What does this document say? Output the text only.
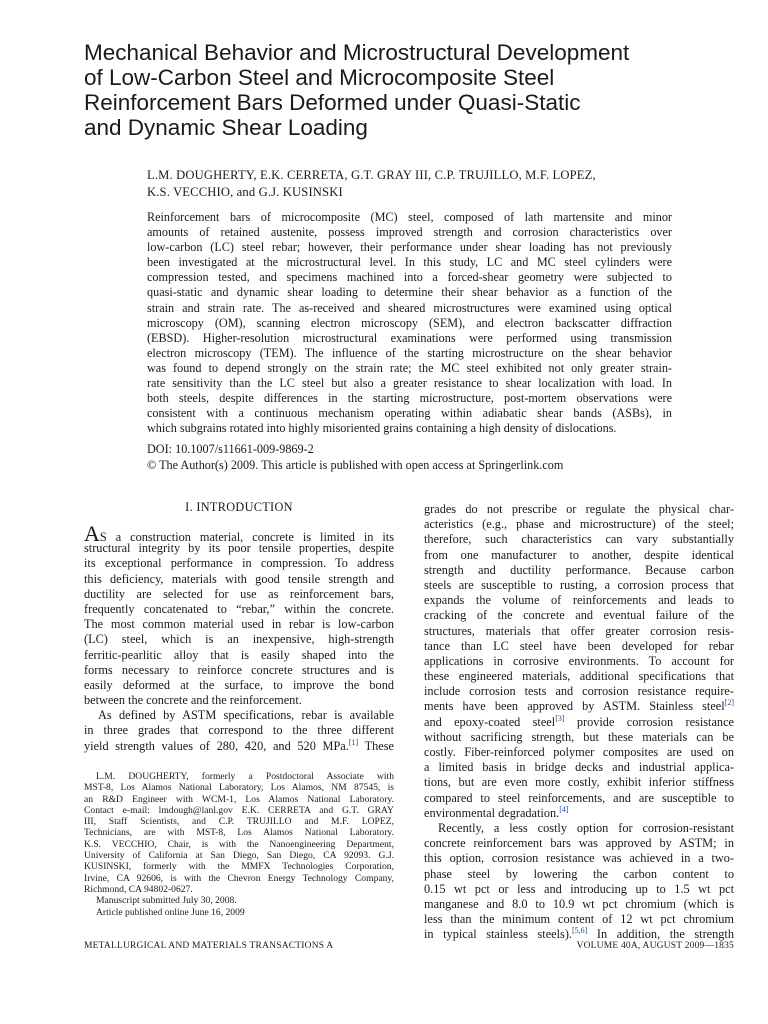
Mechanical Behavior and Microstructural Development
of Low-Carbon Steel and Microcomposite Steel
Reinforcement Bars Deformed under Quasi-Static
and Dynamic Shear Loading
L.M. DOUGHERTY, E.K. CERRETA, G.T. GRAY III, C.P. TRUJILLO, M.F. LOPEZ,
K.S. VECCHIO, and G.J. KUSINSKI
Reinforcement bars of microcomposite (MC) steel, composed of lath martensite and minor
amounts of retained austenite, possess improved strength and corrosion characteristics over
low-carbon (LC) steel rebar; however, their performance under shear loading has not previously
been investigated at the microstructural level. In this study, LC and MC steel cylinders were
compression tested, and specimens machined into a forced-shear geometry were subjected to
quasi-static and dynamic shear loading to determine their shear behavior as a function of the
strain and strain rate. The as-received and sheared microstructures were examined using optical
microscopy (OM), scanning electron microscopy (SEM), and electron backscatter diffraction
(EBSD). Higher-resolution microstructural examinations were performed using transmission
electron microscopy (TEM). The influence of the starting microstructure on the shear behavior
was found to depend strongly on the strain rate; the MC steel exhibited not only greater strain-
rate sensitivity than the LC steel but also a greater resistance to shear localization with load. In
both steels, despite differences in the starting microstructure, post-mortem observations were
consistent with a continuous mechanism operating within adiabatic shear bands (ASBs), in
which subgrains rotated into highly misoriented grains containing a high density of dislocations.
DOI: 10.1007/s11661-009-9869-2
© The Author(s) 2009. This article is published with open access at Springerlink.com
I. INTRODUCTION
AS a construction material, concrete is limited in its
structural integrity by its poor tensile properties, despite
its exceptional performance in compression. To address
this deficiency, materials with good tensile strength and
ductility are selected for use as reinforcement bars,
frequently concatenated to “rebar,” within the concrete.
The most common material used in rebar is low-carbon
(LC) steel, which is an inexpensive, high-strength
ferritic-pearlitic alloy that is easily shaped into the
forms necessary to reinforce concrete structures and is
easily deformed at the surface, to improve the bond
between the concrete and the reinforcement.
As defined by ASTM specifications, rebar is available
in three grades that correspond to the three different
yield strength values of 280, 420, and 520 MPa.[1] These
L.M. DOUGHERTY, formerly a Postdoctoral Associate with
MST-8, Los Alamos National Laboratory, Los Alamos, NM 87545, is
an R&D Engineer with WCM-1, Los Alamos National Laboratory.
Contact e-mail: lmdough@lanl.gov E.K. CERRETA and G.T. GRAY
III, Staff Scientists, and C.P. TRUJILLO and M.F. LOPEZ,
Technicians, are with MST-8, Los Alamos National Laboratory.
K.S. VECCHIO, Chair, is with the Nanoengineering Department,
University of California at San Diego, San Diego, CA 92093. G.J.
KUSINSKI, formerly with the MMFX Technologies Corporation,
Irvine, CA 92606, is with the Chevron Energy Technology Company,
Richmond, CA 94802-0627.
Manuscript submitted July 30, 2008.
Article published online June 16, 2009
grades do not prescribe or regulate the physical char-
acteristics (e.g., phase and microstructure) of the steel;
therefore, such characteristics can vary substantially
from one manufacturer to another, despite identical
strength and ductility performance. Because carbon
steels are susceptible to rusting, a corrosion process that
expands the volume of reinforcements and leads to
cracking of the concrete and eventual failure of the
structures, materials that offer greater corrosion resis-
tance than LC steel have been developed for rebar
applications in corrosive environments. To account for
these engineered materials, additional specifications that
include corrosion tests and corrosion resistance require-
ments have been approved by ASTM. Stainless steel[2]
and epoxy-coated steel[3] provide corrosion resistance
without sacrificing strength, but these materials can be
costly. Fiber-reinforced polymer composites are used on
a limited basis in bridge decks and industrial applica-
tions, but are even more costly, exhibit inferior stiffness
compared to steel reinforcements, and are susceptible to
environmental degradation.[4]
Recently, a less costly option for corrosion-resistant
concrete reinforcement bars was approved by ASTM; in
this option, corrosion resistance was achieved in a two-
phase steel by lowering the carbon content to
0.15 wt pct or less and introducing up to 1.5 wt pct
manganese and 8.0 to 10.9 wt pct chromium (which is
less than the minimum content of 12 wt pct chromium
in typical stainless steels).[5,6] In addition, the strength
METALLURGICAL AND MATERIALS TRANSACTIONS A	VOLUME 40A, AUGUST 2009—1835
